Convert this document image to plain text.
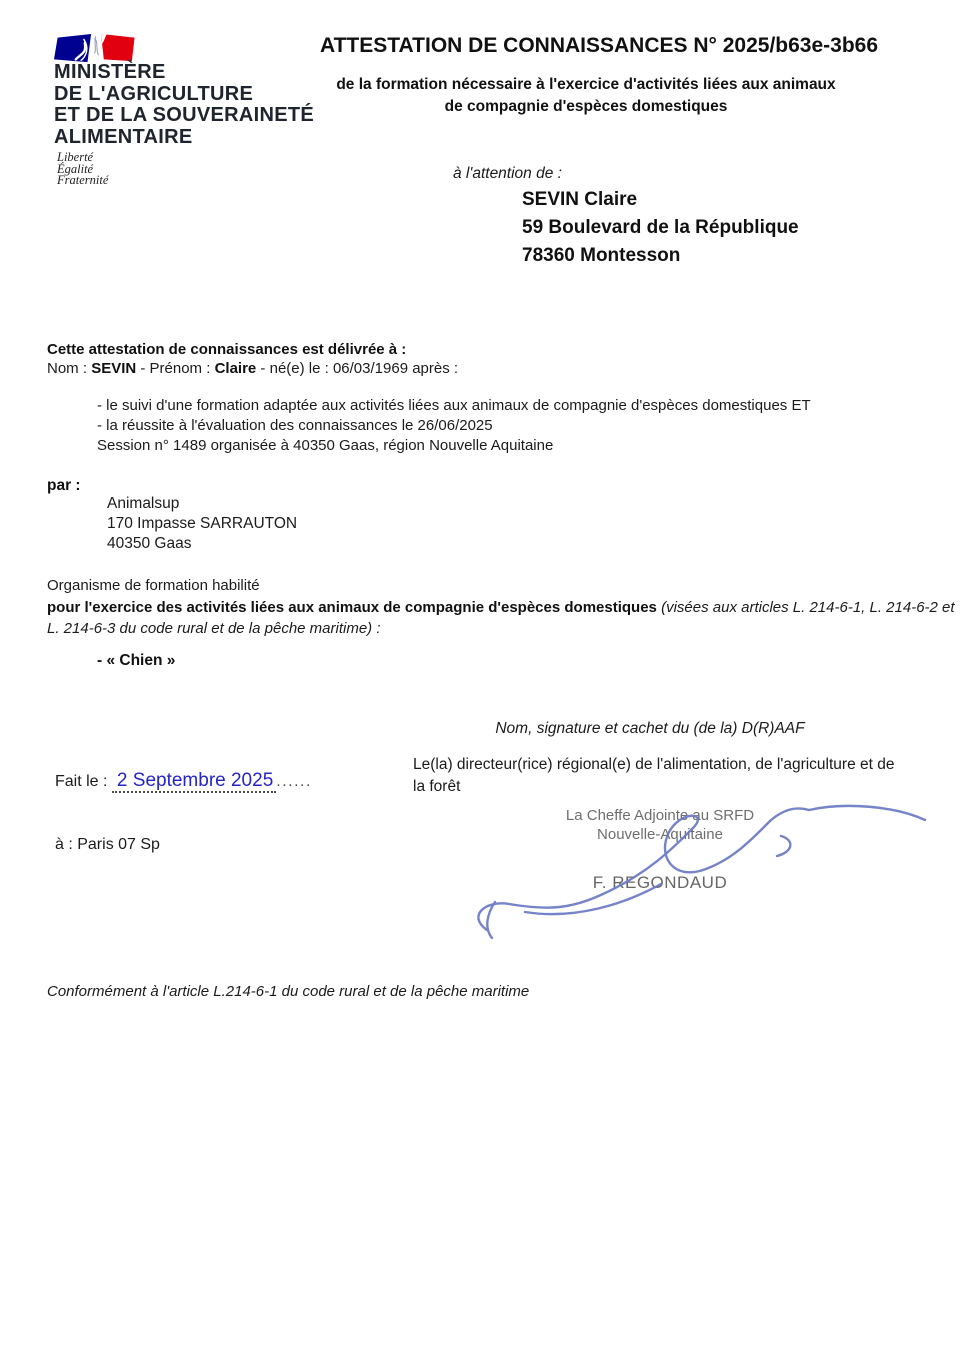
MINISTÈRE
DE L'AGRICULTURE
ET DE LA SOUVERAINETÉ
ALIMENTAIRE
Liberté
Égalité
Fraternité
ATTESTATION DE CONNAISSANCES N° 2025/b63e-3b66
de la formation nécessaire à l'exercice d'activités liées aux animaux de compagnie d'espèces domestiques
à l'attention de :
SEVIN Claire
59 Boulevard de la République
78360 Montesson
Cette attestation de connaissances est délivrée à :
Nom : SEVIN - Prénom : Claire - né(e) le : 06/03/1969 après :
- le suivi d'une formation adaptée aux activités liées aux animaux de compagnie d'espèces domestiques ET
- la réussite à l'évaluation des connaissances le 26/06/2025
Session n° 1489 organisée à 40350 Gaas, région Nouvelle Aquitaine
par :
Animalsup
170 Impasse SARRAUTON
40350 Gaas
Organisme de formation habilité
pour l'exercice des activités liées aux animaux de compagnie d'espèces domestiques (visées aux articles L. 214-6-1, L. 214-6-2 et L. 214-6-3 du code rural et de la pêche maritime) :
- « Chien »
Nom, signature et cachet du (de la) D(R)AAF
Le(la) directeur(rice) régional(e) de l'alimentation, de l'agriculture et de la forêt
Fait le : 2 Septembre 2025 ......
à : Paris 07 Sp
La Cheffe Adjointe au SRFD
Nouvelle-Aquitaine
F. REGONDAUD
Conformément à l'article L.214-6-1 du code rural et de la pêche maritime
